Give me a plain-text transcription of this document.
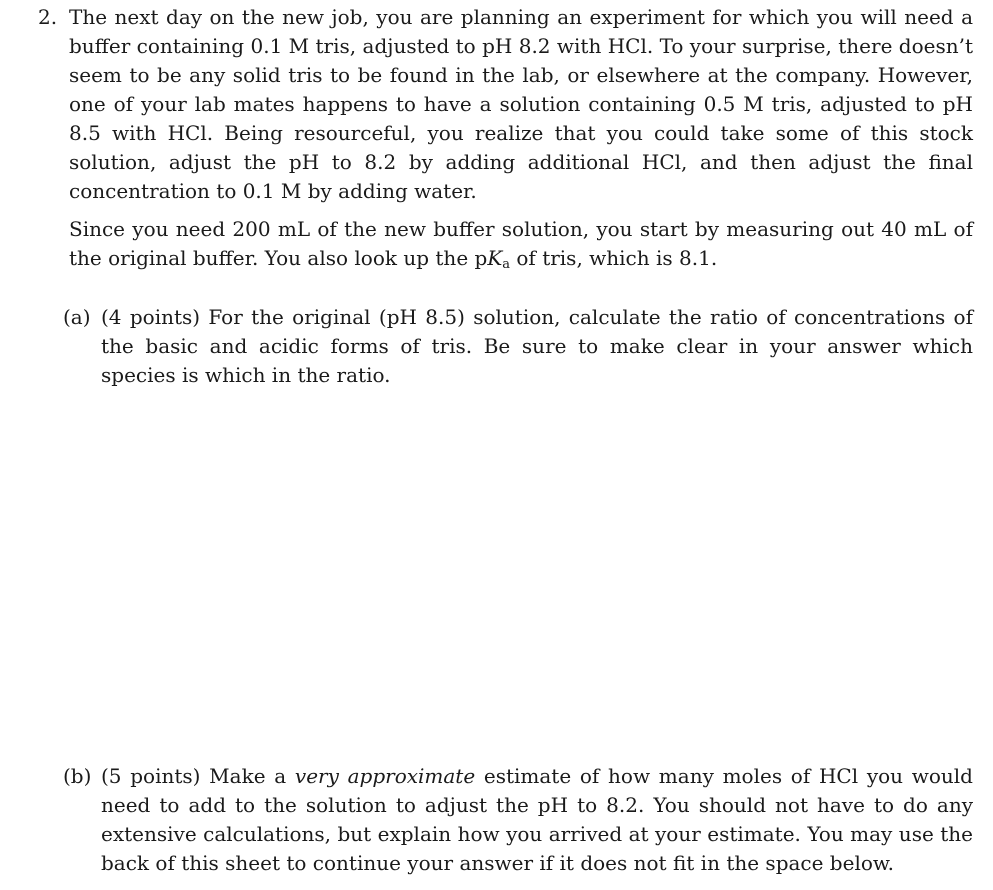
2. The next day on the new job, you are planning an experiment for which you will need a buffer containing 0.1 M tris, adjusted to pH 8.2 with HCl. To your surprise, there doesn’t seem to be any solid tris to be found in the lab, or elsewhere at the company. However, one of your lab mates happens to have a solution containing 0.5 M tris, adjusted to pH 8.5 with HCl. Being resourceful, you realize that you could take some of this stock solution, adjust the pH to 8.2 by adding additional HCl, and then adjust the final concentration to 0.1 M by adding water.

Since you need 200 mL of the new buffer solution, you start by measuring out 40 mL of the original buffer. You also look up the $pK_a$ of tris, which is 8.1.

(a) (4 points) For the original (pH 8.5) solution, calculate the ratio of concentrations of the basic and acidic forms of tris. Be sure to make clear in your answer which species is which in the ratio.

(b) (5 points) Make a very approximate estimate of how many moles of HCl you would need to add to the solution to adjust the pH to 8.2. You should not have to do any extensive calculations, but explain how you arrived at your estimate. You may use the back of this sheet to continue your answer if it does not fit in the space below.
